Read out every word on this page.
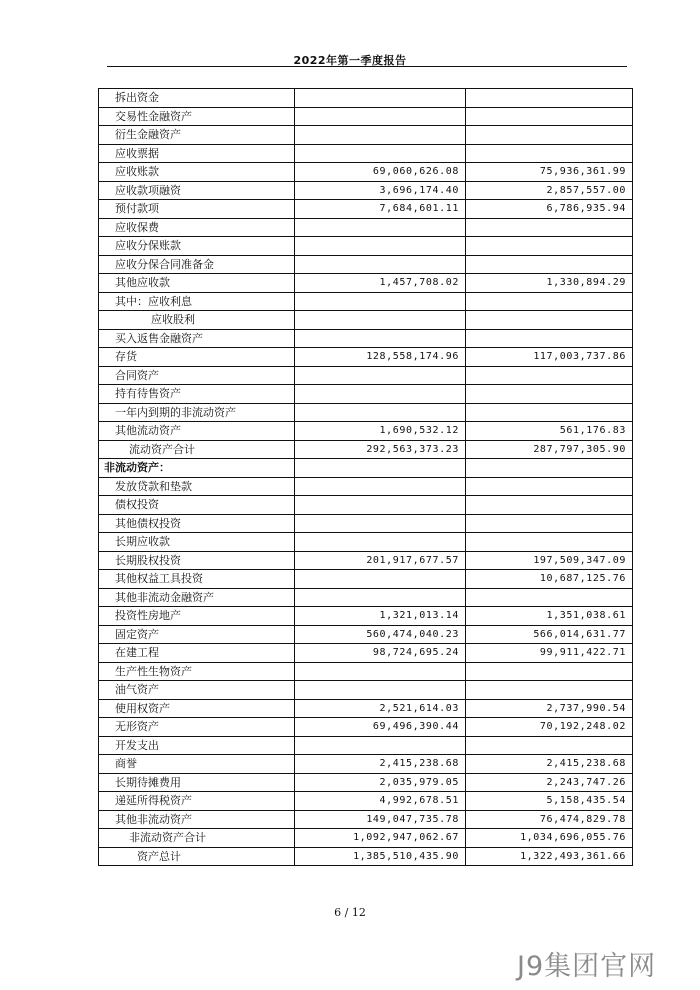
2022年第一季度报告
拆出资金		
交易性金融资产		
衍生金融资产		
应收票据		
应收账款	69,060,626.08	75,936,361.99
应收款项融资	3,696,174.40	2,857,557.00
预付款项	7,684,601.11	6,786,935.94
应收保费		
应收分保账款		
应收分保合同准备金		
其他应收款	1,457,708.02	1,330,894.29
其中：应收利息		
应收股利		
买入返售金融资产		
存货	128,558,174.96	117,003,737.86
合同资产		
持有待售资产		
一年内到期的非流动资产		
其他流动资产	1,690,532.12	561,176.83
流动资产合计	292,563,373.23	287,797,305.90
非流动资产：		
发放贷款和垫款		
债权投资		
其他债权投资		
长期应收款		
长期股权投资	201,917,677.57	197,509,347.09
其他权益工具投资		10,687,125.76
其他非流动金融资产		
投资性房地产	1,321,013.14	1,351,038.61
固定资产	560,474,040.23	566,014,631.77
在建工程	98,724,695.24	99,911,422.71
生产性生物资产		
油气资产		
使用权资产	2,521,614.03	2,737,990.54
无形资产	69,496,390.44	70,192,248.02
开发支出		
商誉	2,415,238.68	2,415,238.68
长期待摊费用	2,035,979.05	2,243,747.26
递延所得税资产	4,992,678.51	5,158,435.54
其他非流动资产	149,047,735.78	76,474,829.78
非流动资产合计	1,092,947,062.67	1,034,696,055.76
资产总计	1,385,510,435.90	1,322,493,361.66
6 / 12
J9集团官网
